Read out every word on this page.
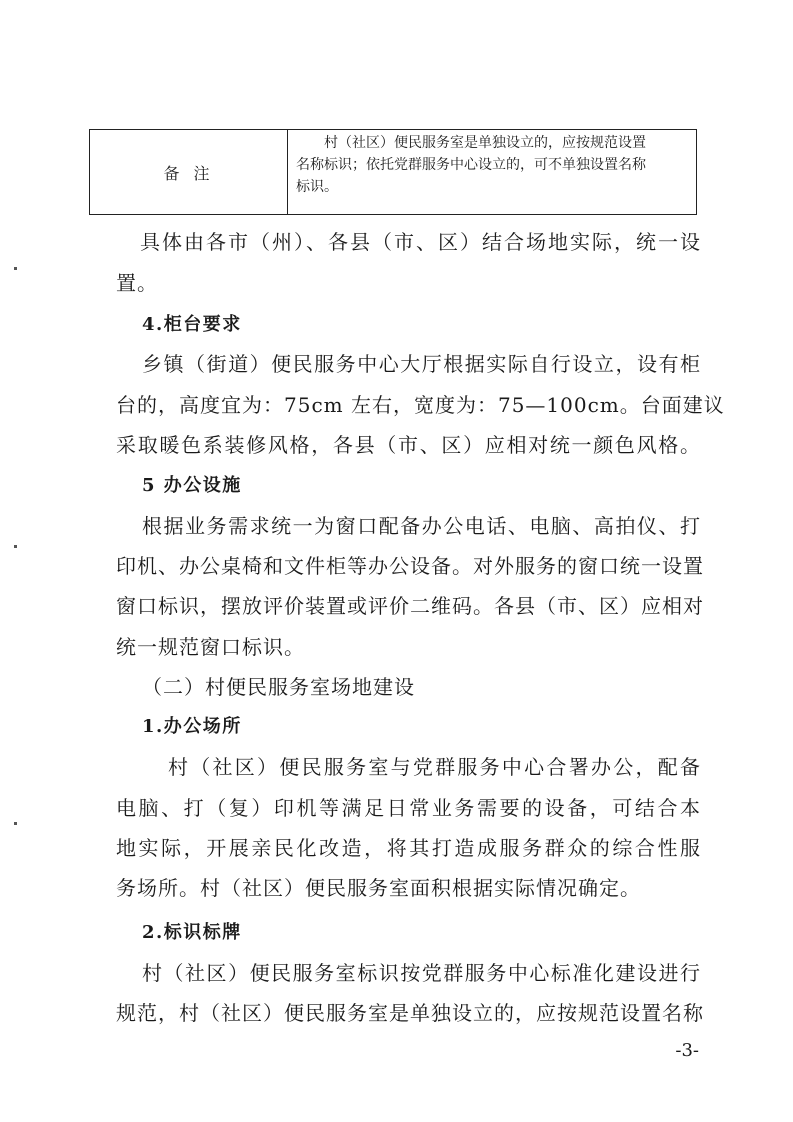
备注

村（社区）便民服务室是单独设立的，应按规范设置

名称标识；依托党群服务中心设立的，可不单独设置名称

标识。

具体由各市（州）、各县（市、区）结合场地实际，统一设
置。
4.柜台要求
乡镇（街道）便民服务中心大厅根据实际自行设立，设有柜
台的，高度宜为：75cm 左右，宽度为：75—100cm。台面建议
采取暖色系装修风格，各县（市、区）应相对统一颜色风格。
5 办公设施
根据业务需求统一为窗口配备办公电话、电脑、高拍仪、打
印机、办公桌椅和文件柜等办公设备。对外服务的窗口统一设置
窗口标识，摆放评价装置或评价二维码。各县（市、区）应相对
统一规范窗口标识。
（二）村便民服务室场地建设
1.办公场所
村（社区）便民服务室与党群服务中心合署办公，配备
电脑、打（复）印机等满足日常业务需要的设备，可结合本
地实际，开展亲民化改造，将其打造成服务群众的综合性服
务场所。村（社区）便民服务室面积根据实际情况确定。
2.标识标牌
村（社区）便民服务室标识按党群服务中心标准化建设进行
规范，村（社区）便民服务室是单独设立的，应按规范设置名称
-3-
